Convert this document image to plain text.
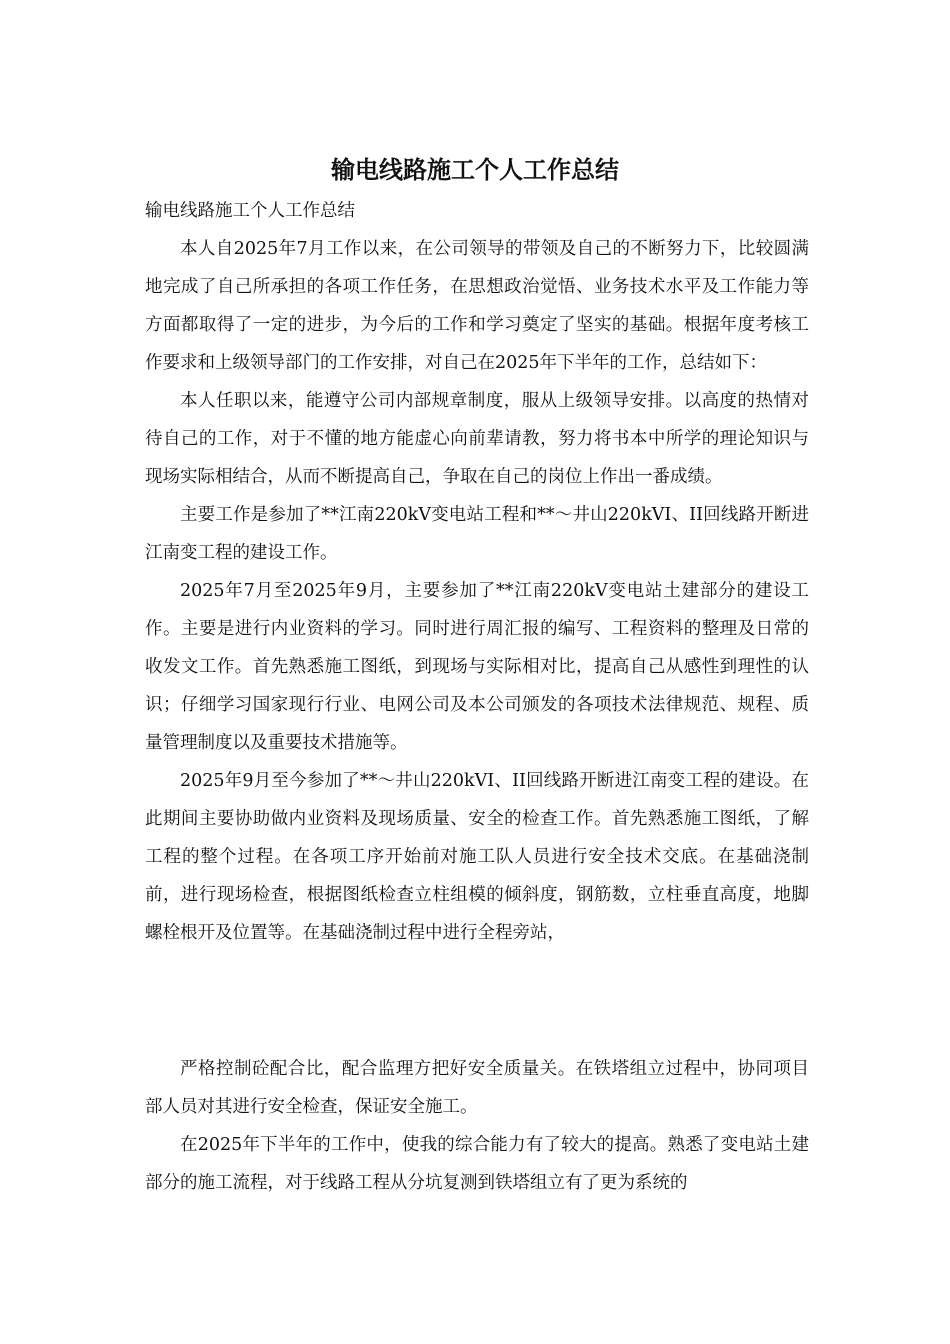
输电线路施工个人工作总结
输电线路施工个人工作总结

本人自2025年7月工作以来，在公司领导的带领及自己的不断努力下，比较圆满地完成了自己所承担的各项工作任务，在思想政治觉悟、业务技术水平及工作能力等方面都取得了一定的进步，为今后的工作和学习奠定了坚实的基础。根据年度考核工作要求和上级领导部门的工作安排，对自己在2025年下半年的工作，总结如下：

本人任职以来，能遵守公司内部规章制度，服从上级领导安排。以高度的热情对待自己的工作，对于不懂的地方能虚心向前辈请教，努力将书本中所学的理论知识与现场实际相结合，从而不断提高自己，争取在自己的岗位上作出一番成绩。

主要工作是参加了**江南220kV变电站工程和**～井山220kVI、II回线路开断进江南变工程的建设工作。

2025年7月至2025年9月，主要参加了**江南220kV变电站土建部分的建设工作。主要是进行内业资料的学习。同时进行周汇报的编写、工程资料的整理及日常的收发文工作。首先熟悉施工图纸，到现场与实际相对比，提高自己从感性到理性的认识；仔细学习国家现行行业、电网公司及本公司颁发的各项技术法律规范、规程、质量管理制度以及重要技术措施等。

2025年9月至今参加了**～井山220kVI、II回线路开断进江南变工程的建设。在此期间主要协助做内业资料及现场质量、安全的检查工作。首先熟悉施工图纸，了解工程的整个过程。在各项工序开始前对施工队人员进行安全技术交底。在基础浇制前，进行现场检查，根据图纸检查立柱组模的倾斜度，钢筋数，立柱垂直高度，地脚螺栓根开及位置等。在基础浇制过程中进行全程旁站，

严格控制砼配合比，配合监理方把好安全质量关。在铁塔组立过程中，协同项目部人员对其进行安全检查，保证安全施工。

在2025年下半年的工作中，使我的综合能力有了较大的提高。熟悉了变电站土建部分的施工流程，对于线路工程从分坑复测到铁塔组立有了更为系统的
